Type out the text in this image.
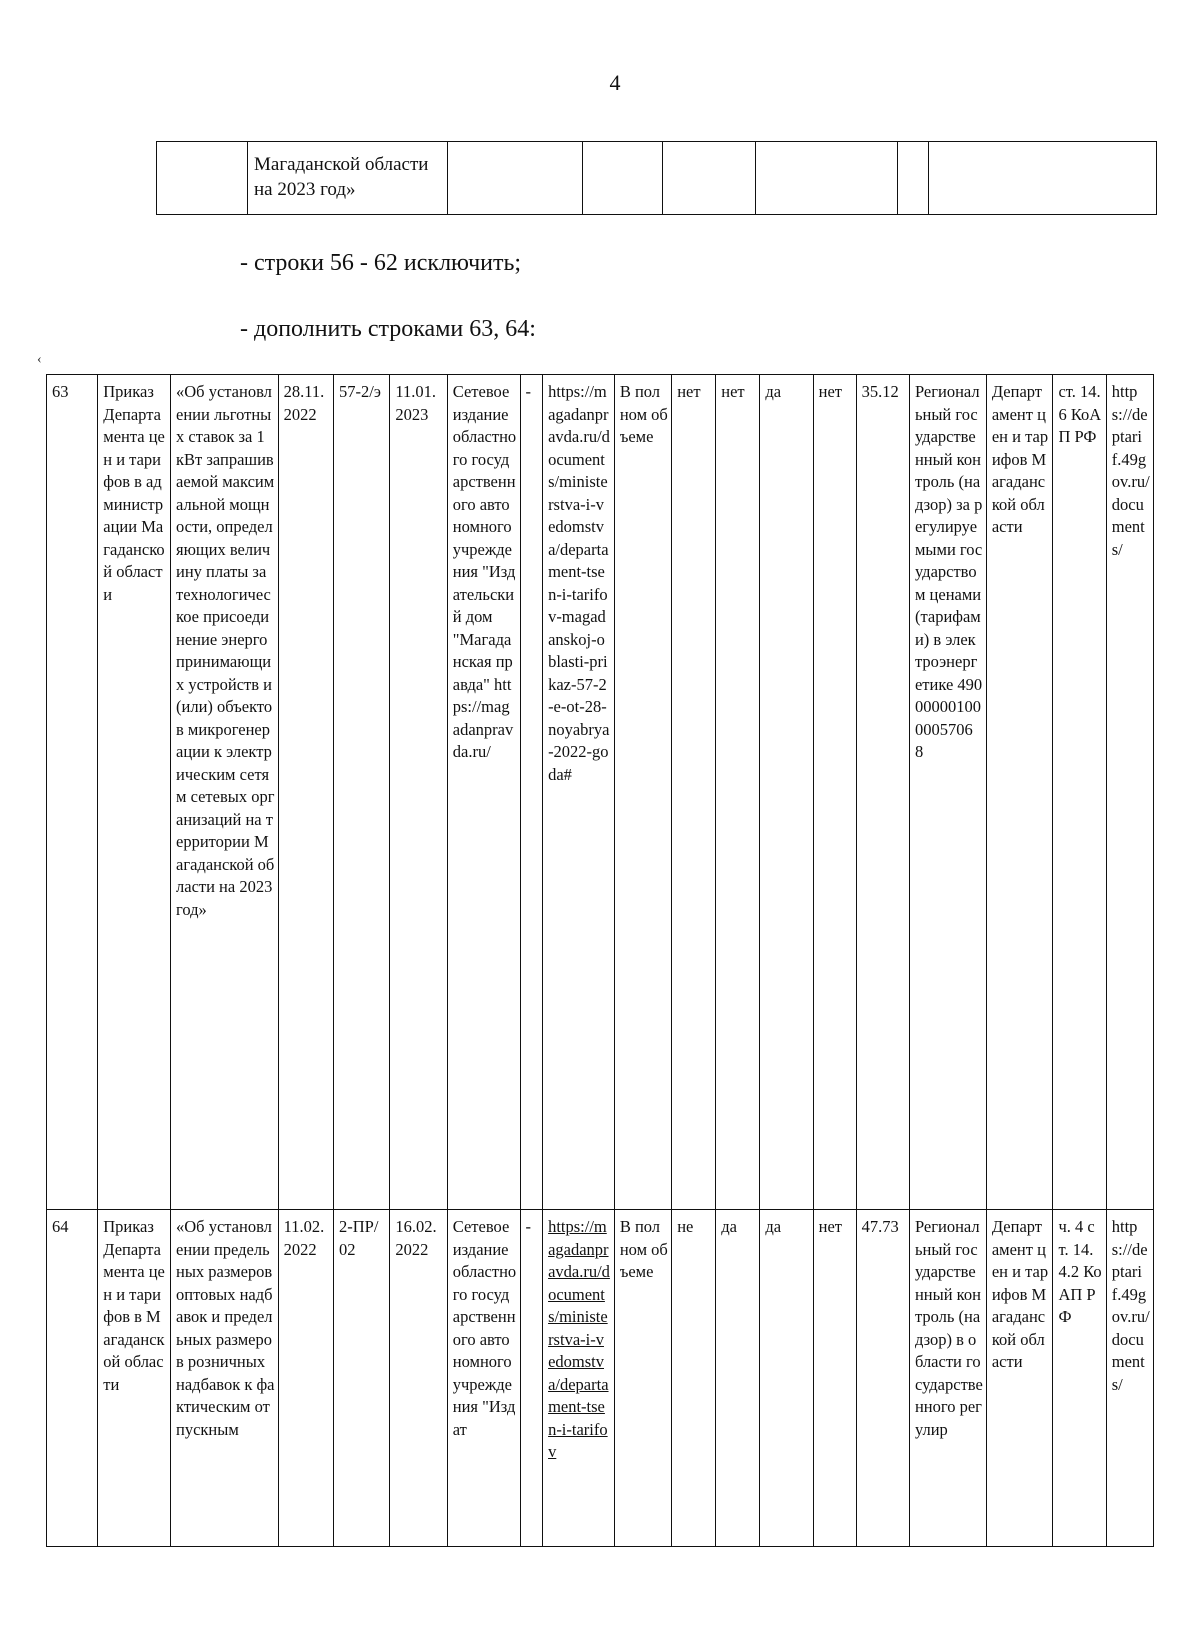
4
	Магаданской области на 2023 год»						
- строки 56 - 62 исключить;
- дополнить строками 63, 64:
‹
63	Приказ Департамента цен и тарифов в администрации Магаданской области	«Об установлении льготных ставок за 1 кВт запрашиваемой максимальной мощности, определяющих величину платы за технологическое присоединение энергопринимающих устройств и (или) объектов микрогенерации к электрическим сетям сетевых организаций на территории Магаданской области на 2023 год»	28.11.2022	57-2/э	11.01.2023	Сетевое издание областного государственного автономного учреждения "Издательский дом "Магаданская правда" https://magadanpravda.ru/	-	https://magadanpravda.ru/documents/ministerstva-i-vedomstva/departament-tsen-i-tarifov-magadanskoj-oblasti-prikaz-57-2-e-ot-28-noyabrya-2022-goda#	В полном объеме	нет	нет	да	нет	35.12	Региональный государственный контроль (надзор) за регулируемыми государством ценами (тарифами) в электроэнергетике 490000001000005706 8	Департамент цен и тарифов Магаданской области	ст. 14.6 КоАП РФ	https://deptarif.49gov.ru/documents/
64	Приказ Департамента цен и тарифов в Магаданской области	«Об установлении предельных размеров оптовых надбавок и предельных размеров розничных надбавок к фактическим отпускным	11.02.2022	2-ПР/02	16.02.2022	Сетевое издание областного государственного автономного учреждения "Издат	-	https://magadanpravda.ru/documents/ministerstva-i-vedomstva/departament-tsen-i-tarifov	В полном объеме	не	да	да	нет	47.73	Региональный государственный контроль (надзор) в области государственного регулир	Департамент цен и тарифов Магаданской области	ч. 4 ст. 14.4.2 КоАП РФ	https://deptarif.49gov.ru/documents/
